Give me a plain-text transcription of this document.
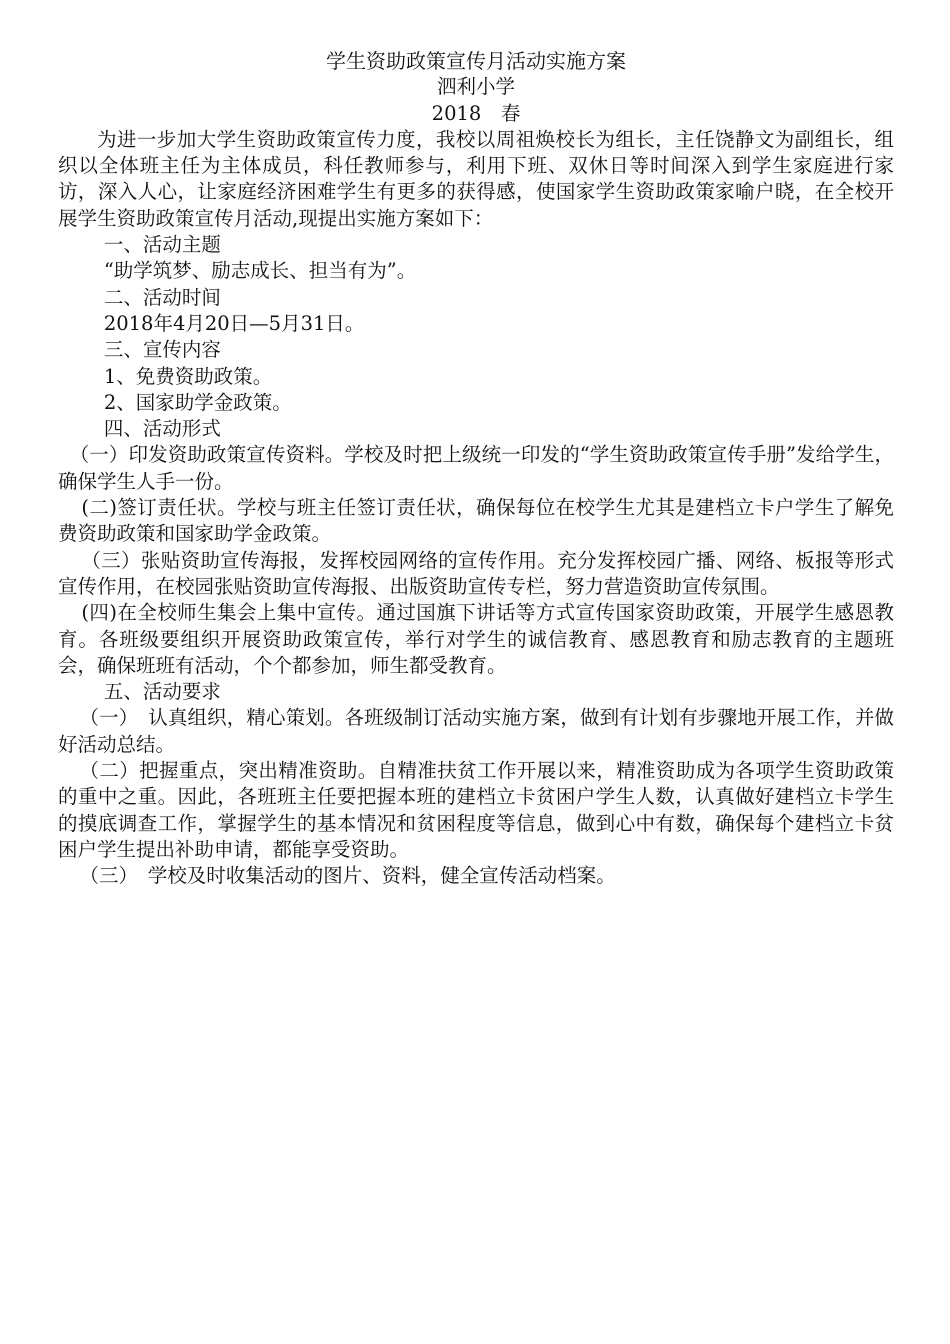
学生资助政策宣传月活动实施方案

泗利小学

2018 春

为进一步加大学生资助政策宣传力度，我校以周祖焕校长为组长，主任饶静文为副组长，组织以全体班主任为主体成员，科任教师参与，利用下班、双休日等时间深入到学生家庭进行家访，深入人心，让家庭经济困难学生有更多的获得感，使国家学生资助政策家喻户晓，在全校开展学生资助政策宣传月活动,现提出实施方案如下：

一、活动主题

“助学筑梦、励志成长、担当有为”。

二、活动时间

2018年4月20日—5月31日。

三、宣传内容

1、免费资助政策。

2、国家助学金政策。

四、活动形式

（一）印发资助政策宣传资料。学校及时把上级统一印发的“学生资助政策宣传手册”发给学生，确保学生人手一份。

(二)签订责任状。学校与班主任签订责任状，确保每位在校学生尤其是建档立卡户学生了解免费资助政策和国家助学金政策。

（三）张贴资助宣传海报，发挥校园网络的宣传作用。充分发挥校园广播、网络、板报等形式宣传作用，在校园张贴资助宣传海报、出版资助宣传专栏，努力营造资助宣传氛围。

(四)在全校师生集会上集中宣传。通过国旗下讲话等方式宣传国家资助政策，开展学生感恩教育。各班级要组织开展资助政策宣传，举行对学生的诚信教育、感恩教育和励志教育的主题班会，确保班班有活动，个个都参加，师生都受教育。

五、活动要求

（一）　认真组织，精心策划。各班级制订活动实施方案，做到有计划有步骤地开展工作，并做好活动总结。

（二）把握重点，突出精准资助。自精准扶贫工作开展以来，精准资助成为各项学生资助政策的重中之重。因此，各班班主任要把握本班的建档立卡贫困户学生人数，认真做好建档立卡学生的摸底调查工作，掌握学生的基本情况和贫困程度等信息，做到心中有数，确保每个建档立卡贫困户学生提出补助申请，都能享受资助。

（三）　学校及时收集活动的图片、资料，健全宣传活动档案。
